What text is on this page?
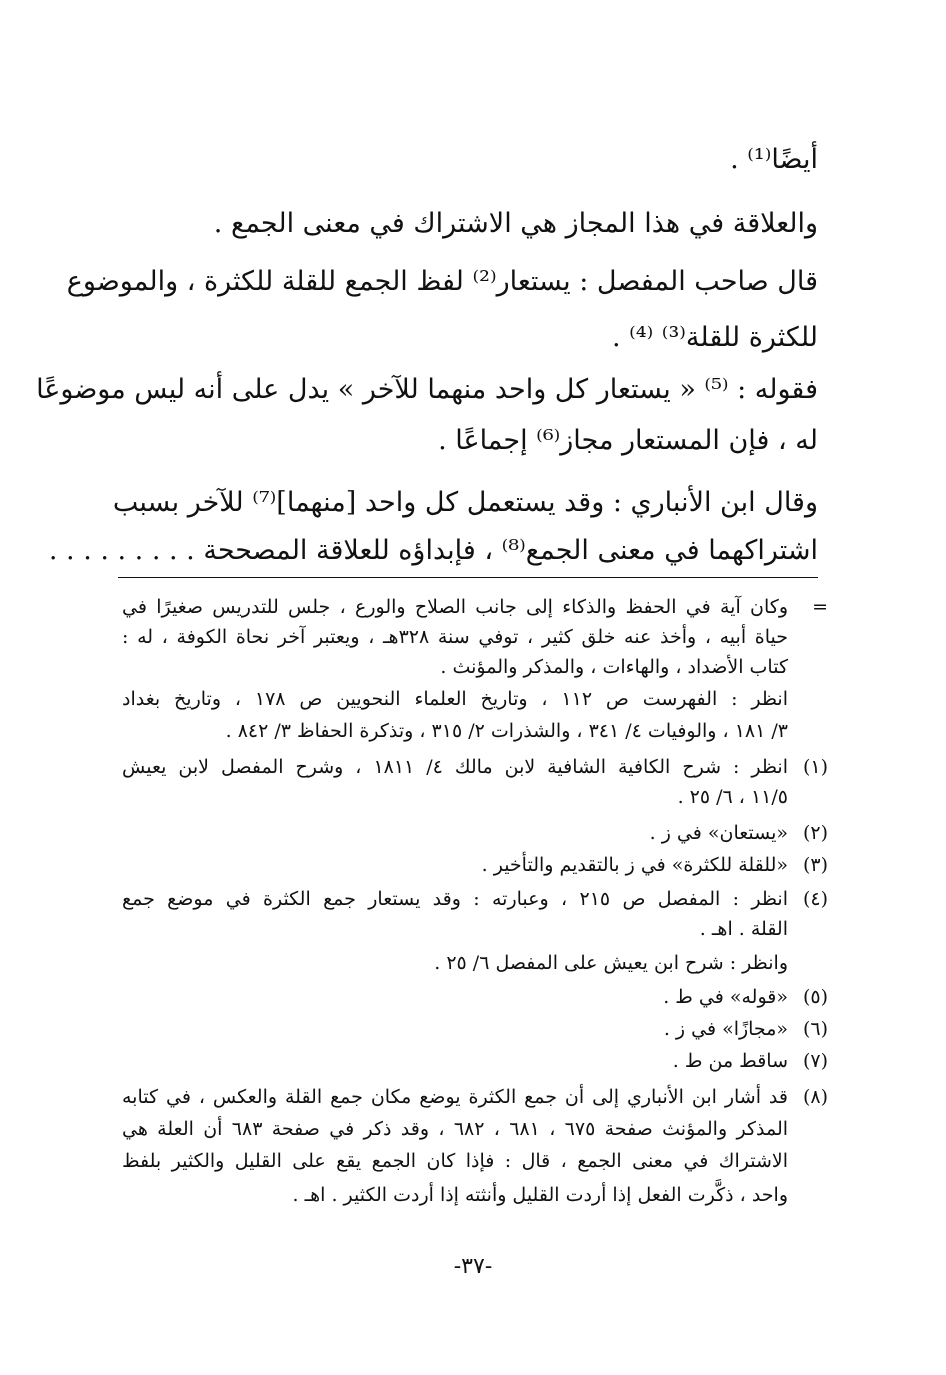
أيضًا⁽¹⁾ .
والعلاقة في هذا المجاز هي الاشتراك في معنى الجمع .
قال صاحب المفصل : يستعار⁽²⁾ لفظ الجمع للقلة للكثرة ، والموضوع
للكثرة للقلة⁽³⁾ ⁽⁴⁾ .
فقوله : ⁽⁵⁾ « يستعار كل واحد منهما للآخر » يدل على أنه ليس موضوعًا
له ، فإن المستعار مجاز⁽⁶⁾ إجماعًا .
وقال ابن الأنباري : وقد يستعمل كل واحد [منهما]⁽⁷⁾ للآخر بسبب
اشتراكهما في معنى الجمع⁽⁸⁾ ، فإبداؤه للعلاقة المصححة . . . . . . . . .
=
وكان آية في الحفظ والذكاء إلى جانب الصلاح والورع ، جلس للتدريس صغيرًا في
حياة أبيه ، وأخذ عنه خلق كثير ، توفي سنة ٣٢٨هـ ، ويعتبر آخر نحاة الكوفة ، له :
كتاب الأضداد ، والهاءات ، والمذكر والمؤنث .
انظر : الفهرست ص ١١٢ ، وتاريخ العلماء النحويين ص ١٧٨ ، وتاريخ بغداد
٣/ ١٨١ ، والوفيات ٤/ ٣٤١ ، والشذرات ٢/ ٣١٥ ، وتذكرة الحفاظ ٣/ ٨٤٢ .
(١)
انظر : شرح الكافية الشافية لابن مالك ٤/ ١٨١١ ، وشرح المفصل لابن يعيش
١١/٥ ، ٦/ ٢٥ .
(٢)
«يستعان» في ز .
(٣)
«للقلة للكثرة» في ز بالتقديم والتأخير .
(٤)
انظر : المفصل ص ٢١٥ ، وعبارته : وقد يستعار جمع الكثرة في موضع جمع
القلة . اهـ .
وانظر : شرح ابن يعيش على المفصل ٦/ ٢٥ .
(٥)
«قوله» في ط .
(٦)
«مجازًا» في ز .
(٧)
ساقط من ط .
(٨)
قد أشار ابن الأنباري إلى أن جمع الكثرة يوضع مكان جمع القلة والعكس ، في كتابه
المذكر والمؤنث صفحة ٦٧٥ ، ٦٨١ ، ٦٨٢ ، وقد ذكر في صفحة ٦٨٣ أن العلة هي
الاشتراك في معنى الجمع ، قال : فإذا كان الجمع يقع على القليل والكثير بلفظ
واحد ، ذكَّرت الفعل إذا أردت القليل وأنثته إذا أردت الكثير . اهـ .
-٣٧-
